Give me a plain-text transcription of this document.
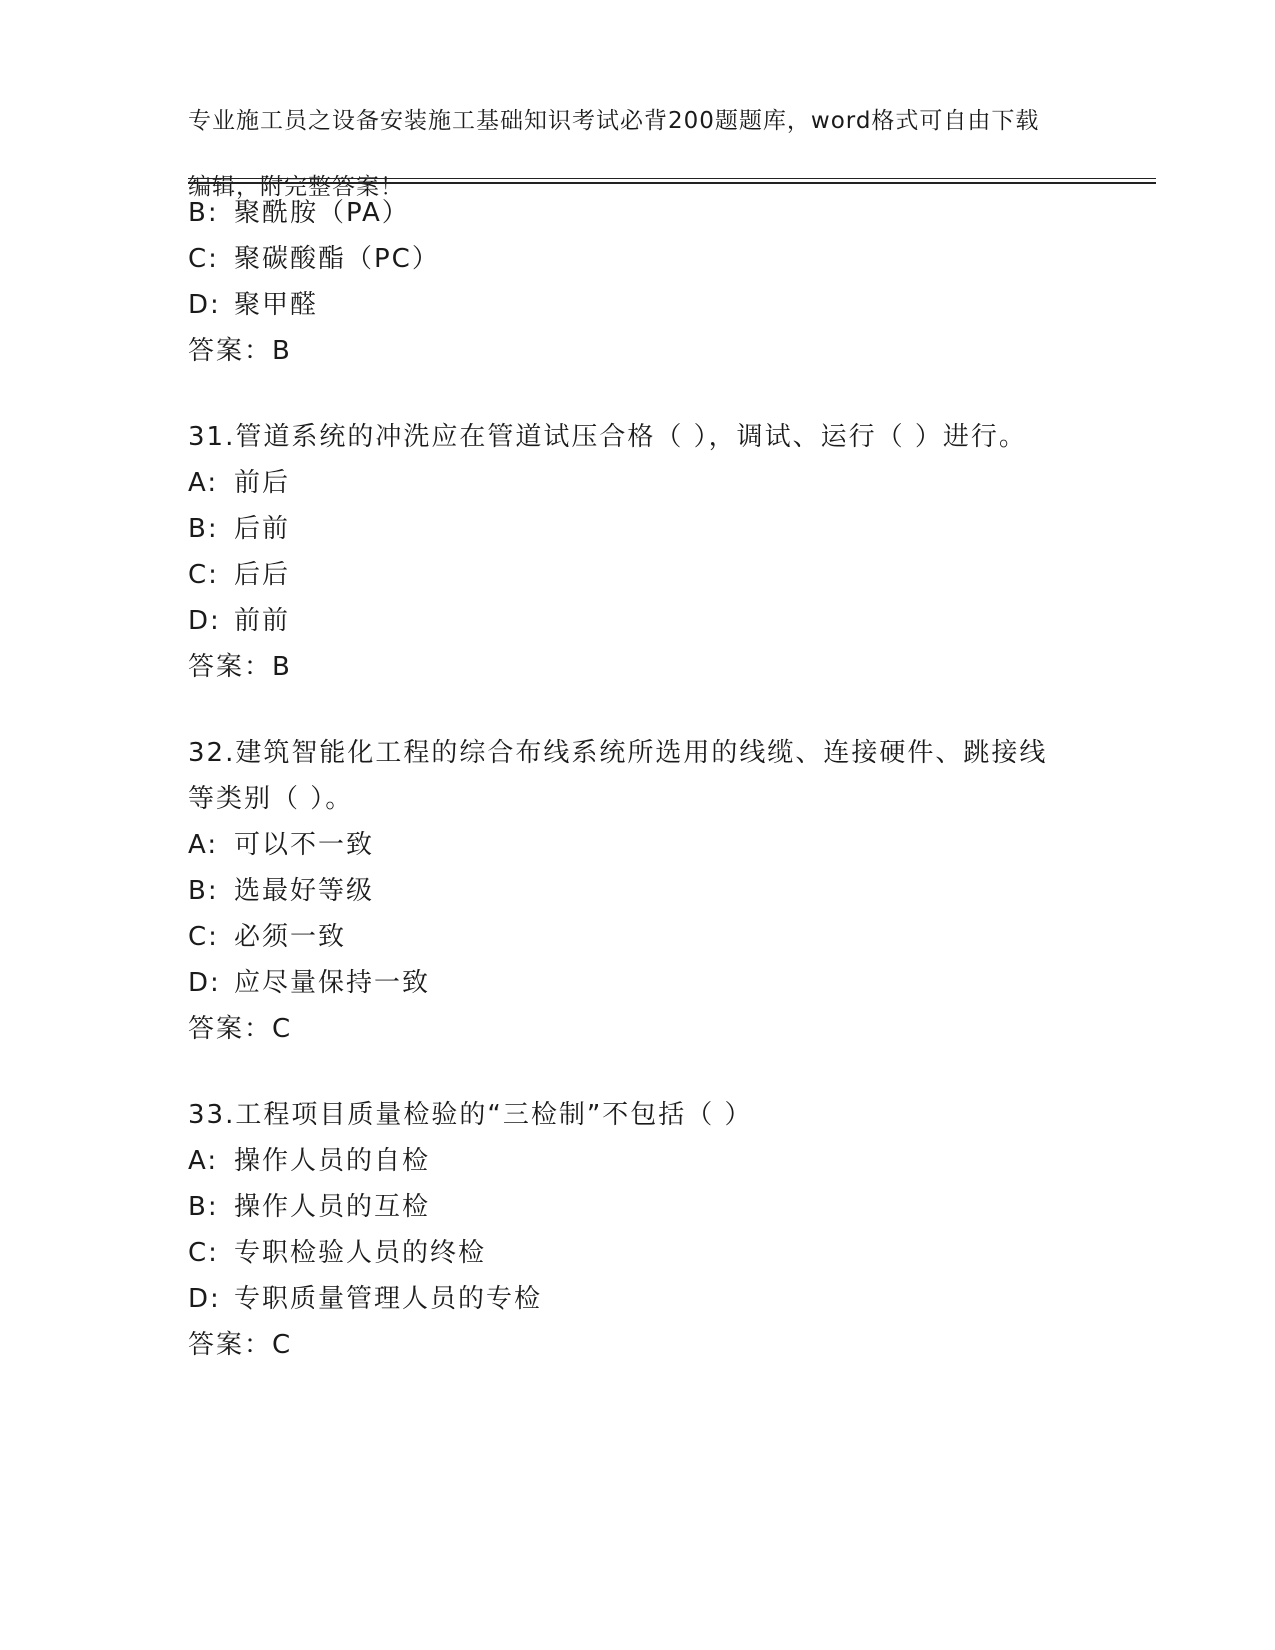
专业施工员之设备安装施工基础知识考试必背200题题库，word格式可自由下载

编辑，附完整答案！

B: 聚酰胺（PA）
C: 聚碳酸酯（PC）
D: 聚甲醛
答案：B
31.管道系统的冲洗应在管道试压合格（ ），调试、运行（ ）进行。
A: 前后
B: 后前
C: 后后
D: 前前
答案：B
32.建筑智能化工程的综合布线系统所选用的线缆、连接硬件、跳接线等类别（ ）。
A: 可以不一致
B: 选最好等级
C: 必须一致
D: 应尽量保持一致
答案：C
33.工程项目质量检验的“三检制”不包括（ ）
A: 操作人员的自检
B: 操作人员的互检
C: 专职检验人员的终检
D: 专职质量管理人员的专检
答案：C
